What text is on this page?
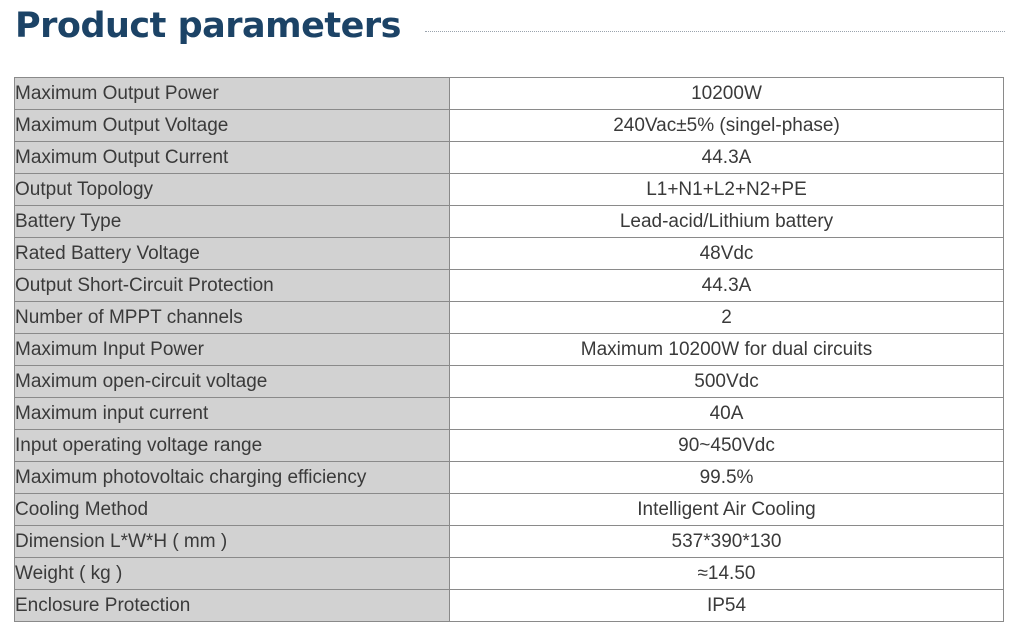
Product parameters
Maximum Output Power	10200W
Maximum Output Voltage	240Vac±5% (singel-phase)
Maximum Output Current	44.3A
Output Topology	L1+N1+L2+N2+PE
Battery Type	Lead-acid/Lithium battery
Rated Battery Voltage	48Vdc
Output Short-Circuit Protection	44.3A
Number of MPPT channels	2
Maximum Input Power	Maximum 10200W for dual circuits
Maximum open-circuit voltage	500Vdc
Maximum input current	40A
Input operating voltage range	90~450Vdc
Maximum photovoltaic charging efficiency	99.5%
Cooling Method	Intelligent Air Cooling
Dimension L*W*H ( mm )	537*390*130
Weight ( kg )	≈14.50
Enclosure Protection	IP54
